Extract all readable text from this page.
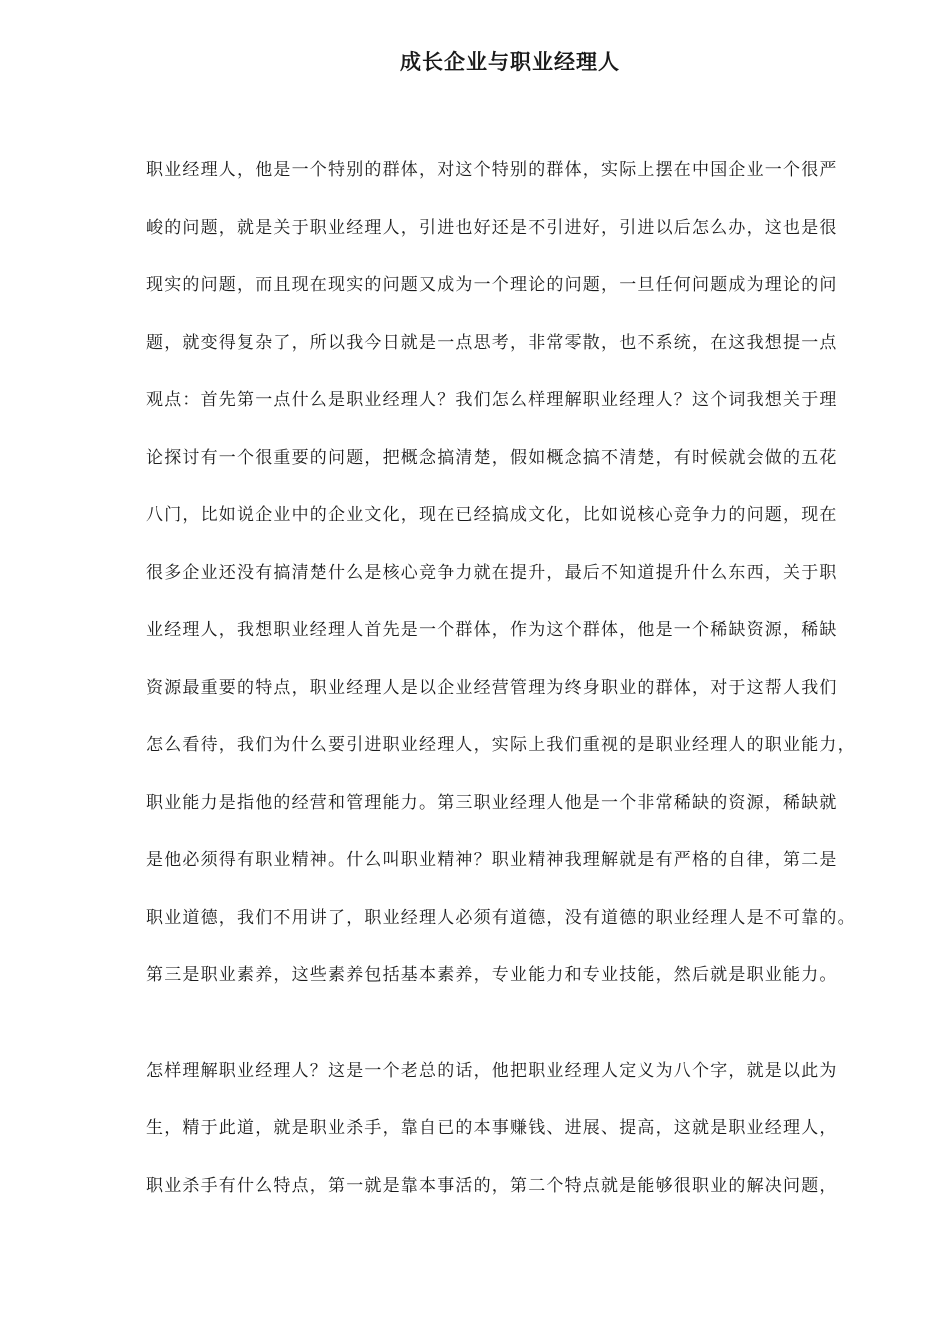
成长企业与职业经理人
职业经理人，他是一个特别的群体，对这个特别的群体，实际上摆在中国企业一个很严
峻的问题，就是关于职业经理人，引进也好还是不引进好，引进以后怎么办，这也是很
现实的问题，而且现在现实的问题又成为一个理论的问题，一旦任何问题成为理论的问
题，就变得复杂了，所以我今日就是一点思考，非常零散，也不系统，在这我想提一点
观点：首先第一点什么是职业经理人？我们怎么样理解职业经理人？这个词我想关于理
论探讨有一个很重要的问题，把概念搞清楚，假如概念搞不清楚，有时候就会做的五花
八门，比如说企业中的企业文化，现在已经搞成文化，比如说核心竞争力的问题，现在
很多企业还没有搞清楚什么是核心竞争力就在提升，最后不知道提升什么东西，关于职
业经理人，我想职业经理人首先是一个群体，作为这个群体，他是一个稀缺资源，稀缺
资源最重要的特点，职业经理人是以企业经营管理为终身职业的群体，对于这帮人我们
怎么看待，我们为什么要引进职业经理人，实际上我们重视的是职业经理人的职业能力，
职业能力是指他的经营和管理能力。第三职业经理人他是一个非常稀缺的资源，稀缺就
是他必须得有职业精神。什么叫职业精神？职业精神我理解就是有严格的自律，第二是
职业道德，我们不用讲了，职业经理人必须有道德，没有道德的职业经理人是不可靠的。
第三是职业素养，这些素养包括基本素养，专业能力和专业技能，然后就是职业能力。
怎样理解职业经理人？这是一个老总的话，他把职业经理人定义为八个字，就是以此为
生，精于此道，就是职业杀手，靠自已的本事赚钱、进展、提高，这就是职业经理人，
职业杀手有什么特点，第一就是靠本事活的，第二个特点就是能够很职业的解决问题，
